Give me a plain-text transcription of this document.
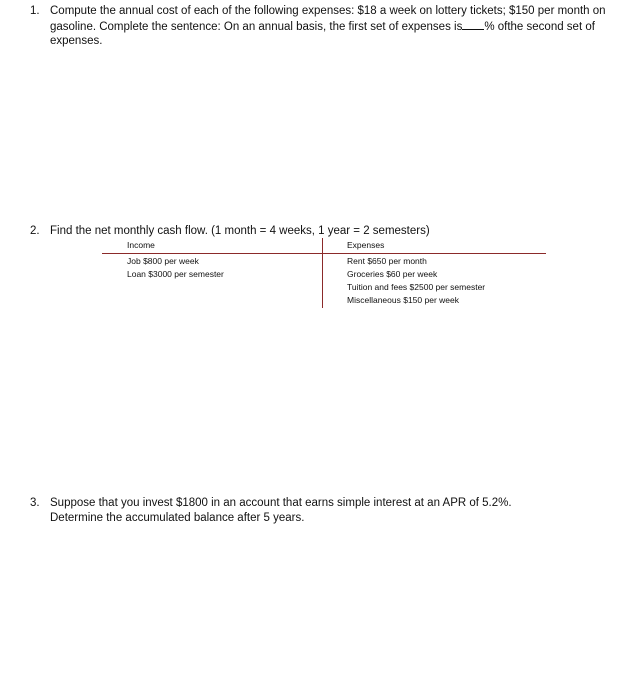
1. Compute the annual cost of each of the following expenses: $18 a week on lottery tickets; $150 per month on gasoline. Complete the sentence: On an annual basis, the first set of expenses is % ofthe second set of expenses.
2. Find the net monthly cash flow. (1 month = 4 weeks, 1 year = 2 semesters)
Income	Expenses
Job $800 per week
Loan $3000 per semester
Rent $650 per month
Groceries $60 per week
Tuition and fees $2500 per semester
Miscellaneous $150 per week
3. Suppose that you invest $1800 in an account that earns simple interest at an APR of 5.2%. Determine the accumulated balance after 5 years.
